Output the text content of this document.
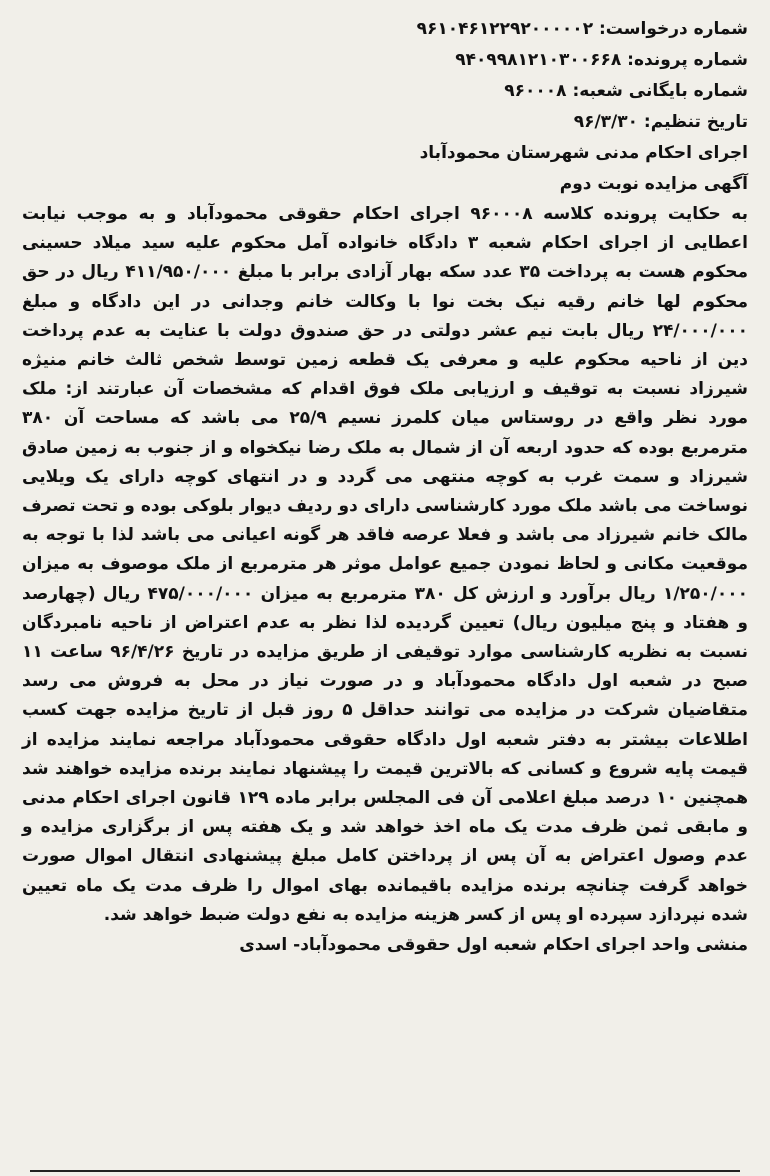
شماره درخواست: ۹۶۱۰۴۶۱۲۲۹۲۰۰۰۰۰۲
شماره پرونده: ۹۴۰۹۹۸۱۲۱۰۳۰۰۶۶۸
شماره بایگانی شعبه: ۹۶۰۰۰۸
تاریخ تنظیم: ۹۶/۳/۳۰
اجرای احکام مدنی شهرستان محمودآباد
آگهی مزایده نوبت دوم
به حکایت پرونده کلاسه ۹۶۰۰۰۸ اجرای احکام حقوقی محمودآباد و به موجب نیابت اعطایی از اجرای احکام شعبه ۳ دادگاه خانواده آمل محکوم علیه سید میلاد حسینی محکوم هست به پرداخت ۳۵ عدد سکه بهار آزادی برابر با مبلغ ۴۱۱/۹۵۰/۰۰۰ ریال در حق محکوم لها خانم رقیه نیک بخت نوا با وکالت خانم وجدانی در این دادگاه و مبلغ ۲۴/۰۰۰/۰۰۰ ریال بابت نیم عشر دولتی در حق صندوق دولت با عنایت به عدم پرداخت دین از ناحیه محکوم علیه و معرفی یک قطعه زمین توسط شخص ثالث خانم منیژه شیرزاد نسبت به توقیف و ارزیابی ملک فوق اقدام که مشخصات آن عبارتند از: ملک مورد نظر واقع در روستاس میان کلمرز نسیم ۲۵/۹ می باشد که مساحت آن ۳۸۰ مترمربع بوده که حدود اربعه آن از شمال به ملک رضا نیکخواه و از جنوب به زمین صادق شیرزاد و سمت غرب به کوچه منتهی می گردد و در انتهای کوچه دارای یک ویلایی نوساخت می باشد ملک مورد کارشناسی دارای دو ردیف دیوار بلوکی بوده و تحت تصرف مالک خانم شیرزاد می باشد و فعلا عرصه فاقد هر گونه اعیانی می باشد لذا با توجه به موقعیت مکانی و لحاظ نمودن جمیع عوامل موثر هر مترمربع از ملک موصوف به میزان ۱/۲۵۰/۰۰۰ ریال برآورد و ارزش کل ۳۸۰ مترمربع به میزان ۴۷۵/۰۰۰/۰۰۰ ریال (چهارصد و هفتاد و پنج میلیون ریال) تعیین گردیده لذا نظر به عدم اعتراض از ناحیه نامبردگان نسبت به نظریه کارشناسی موارد توقیفی از طریق مزایده در تاریخ ۹۶/۴/۲۶ ساعت ۱۱ صبح در شعبه اول دادگاه محمودآباد و در صورت نیاز در محل به فروش می رسد متقاضیان شرکت در مزایده می توانند حداقل ۵ روز قبل از تاریخ مزایده جهت کسب اطلاعات بیشتر به دفتر شعبه اول دادگاه حقوقی محمودآباد مراجعه نمایند مزایده از قیمت پایه شروع و کسانی که بالاترین قیمت را پیشنهاد نمایند برنده مزایده خواهند شد همچنین ۱۰ درصد مبلغ اعلامی آن فی المجلس برابر ماده ۱۲۹ قانون اجرای احکام مدنی و مابقی ثمن ظرف مدت یک ماه اخذ خواهد شد و یک هفته پس از برگزاری مزایده و عدم وصول اعتراض به آن پس از پرداختن کامل مبلغ پیشنهادی انتقال اموال صورت خواهد گرفت چنانچه برنده مزایده باقیمانده بهای اموال را ظرف مدت یک ماه تعیین شده نپردازد سپرده او پس از کسر هزینه مزایده به نفع دولت ضبط خواهد شد.
منشی واحد اجرای احکام شعبه اول حقوقی محمودآباد- اسدی
